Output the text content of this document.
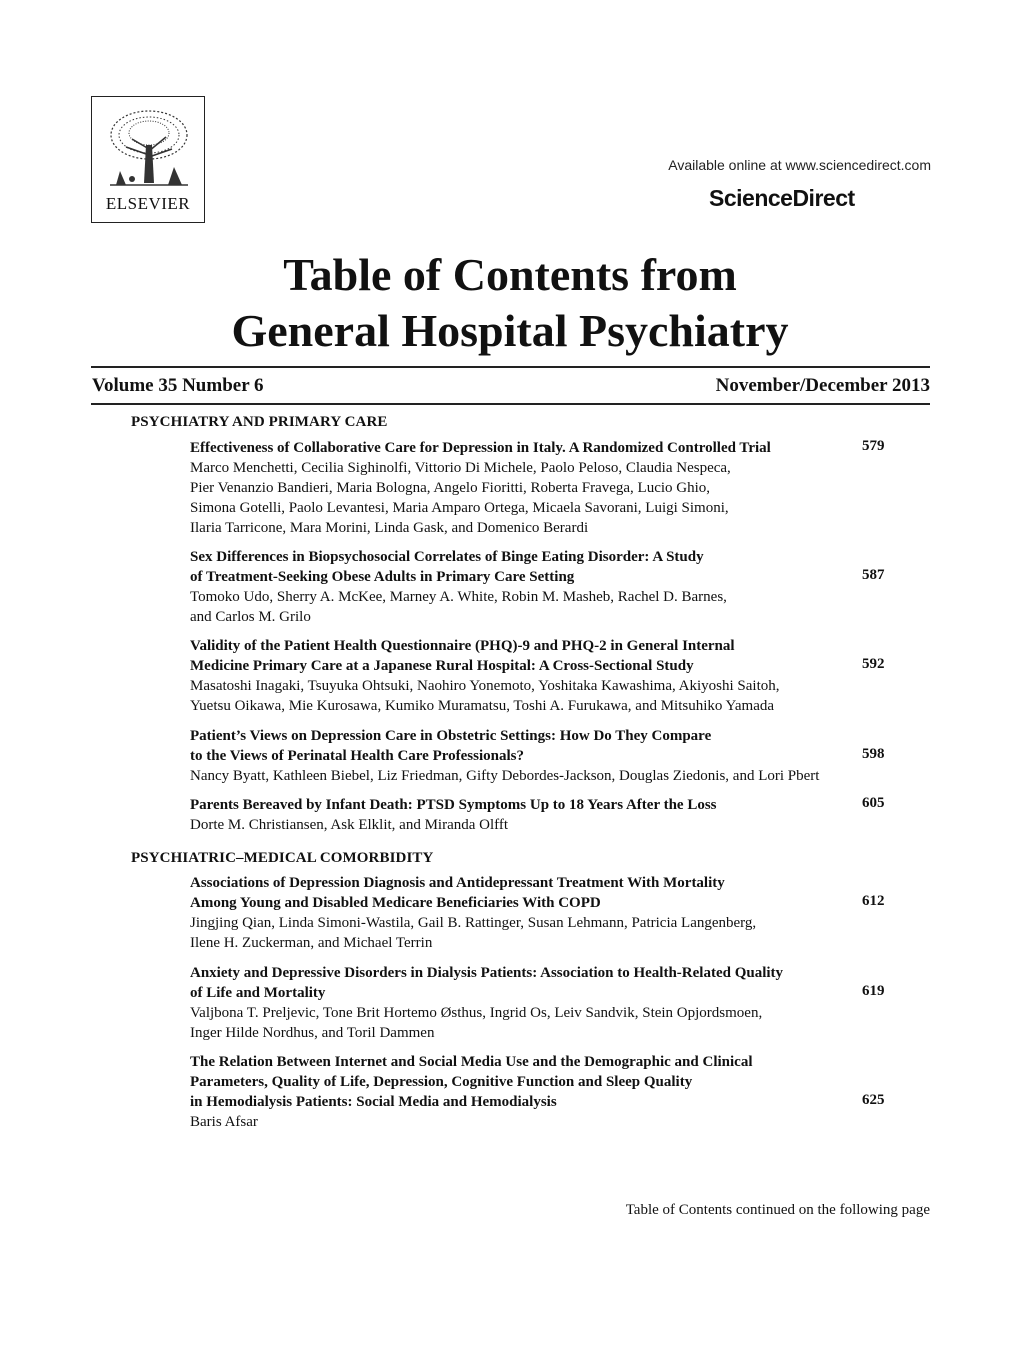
ELSEVIER
Available online at www.sciencedirect.com
ScienceDirect
Table of Contents from
General Hospital Psychiatry
Volume 35 Number 6	November/December 2013
PSYCHIATRY AND PRIMARY CARE
Effectiveness of Collaborative Care for Depression in Italy. A Randomized Controlled Trial
Marco Menchetti, Cecilia Sighinolfi, Vittorio Di Michele, Paolo Peloso, Claudia Nespeca,
Pier Venanzio Bandieri, Maria Bologna, Angelo Fioritti, Roberta Fravega, Lucio Ghio,
Simona Gotelli, Paolo Levantesi, Maria Amparo Ortega, Micaela Savorani, Luigi Simoni,
Ilaria Tarricone, Mara Morini, Linda Gask, and Domenico Berardi
579
Sex Differences in Biopsychosocial Correlates of Binge Eating Disorder: A Study
of Treatment-Seeking Obese Adults in Primary Care Setting
Tomoko Udo, Sherry A. McKee, Marney A. White, Robin M. Masheb, Rachel D. Barnes,
and Carlos M. Grilo
587
Validity of the Patient Health Questionnaire (PHQ)-9 and PHQ-2 in General Internal
Medicine Primary Care at a Japanese Rural Hospital: A Cross-Sectional Study
Masatoshi Inagaki, Tsuyuka Ohtsuki, Naohiro Yonemoto, Yoshitaka Kawashima, Akiyoshi Saitoh,
Yuetsu Oikawa, Mie Kurosawa, Kumiko Muramatsu, Toshi A. Furukawa, and Mitsuhiko Yamada
592
Patient’s Views on Depression Care in Obstetric Settings: How Do They Compare
to the Views of Perinatal Health Care Professionals?
Nancy Byatt, Kathleen Biebel, Liz Friedman, Gifty Debordes-Jackson, Douglas Ziedonis, and Lori Pbert
598
Parents Bereaved by Infant Death: PTSD Symptoms Up to 18 Years After the Loss
Dorte M. Christiansen, Ask Elklit, and Miranda Olfft
605
PSYCHIATRIC–MEDICAL COMORBIDITY
Associations of Depression Diagnosis and Antidepressant Treatment With Mortality
Among Young and Disabled Medicare Beneficiaries With COPD
Jingjing Qian, Linda Simoni-Wastila, Gail B. Rattinger, Susan Lehmann, Patricia Langenberg,
Ilene H. Zuckerman, and Michael Terrin
612
Anxiety and Depressive Disorders in Dialysis Patients: Association to Health-Related Quality
of Life and Mortality
Valjbona T. Preljevic, Tone Brit Hortemo Østhus, Ingrid Os, Leiv Sandvik, Stein Opjordsmoen,
Inger Hilde Nordhus, and Toril Dammen
619
The Relation Between Internet and Social Media Use and the Demographic and Clinical
Parameters, Quality of Life, Depression, Cognitive Function and Sleep Quality
in Hemodialysis Patients: Social Media and Hemodialysis
Baris Afsar
625
Table of Contents continued on the following page
